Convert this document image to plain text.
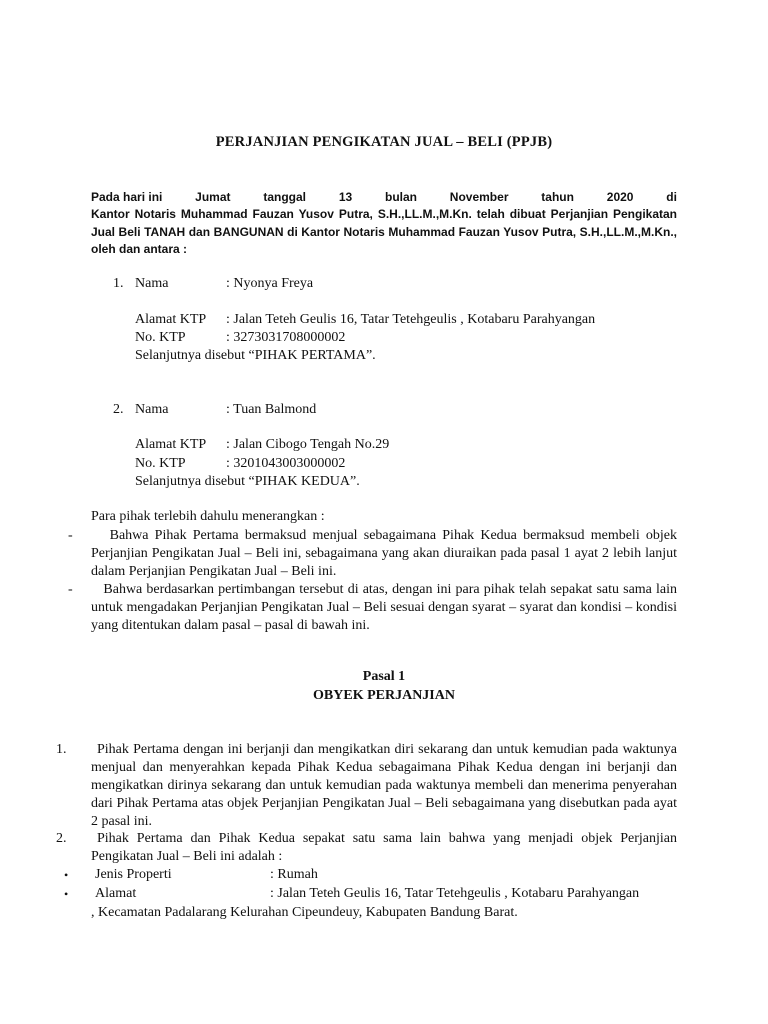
PERJANJIAN PENGIKATAN JUAL – BELI (PPJB)
Pada hari ini	Jumat	tanggal	13	bulan	November	tahun	2020	di
Kantor Notaris Muhammad Fauzan Yusov Putra, S.H.,LL.M.,M.Kn. telah dibuat Perjanjian Pengikatan Jual Beli TANAH dan BANGUNAN di Kantor Notaris Muhammad Fauzan Yusov Putra, S.H.,LL.M.,M.Kn., oleh dan antara :
1. Nama	: Nyonya Freya
Alamat KTP : Jalan Teteh Geulis 16, Tatar Tetehgeulis , Kotabaru Parahyangan
No. KTP	: 3273031708000002
Selanjutnya disebut “PIHAK PERTAMA”.
2. Nama	: Tuan Balmond
Alamat KTP : Jalan Cibogo Tengah No.29
No. KTP	: 3201043003000002
Selanjutnya disebut “PIHAK KEDUA”.
Para pihak terlebih dahulu menerangkan :
- Bahwa Pihak Pertama bermaksud menjual sebagaimana Pihak Kedua bermaksud membeli objek Perjanjian Pengikatan Jual – Beli ini, sebagaimana yang akan diuraikan pada pasal 1 ayat 2 lebih lanjut dalam Perjanjian Pengikatan Jual – Beli ini.
- Bahwa berdasarkan pertimbangan tersebut di atas, dengan ini para pihak telah sepakat satu sama lain untuk mengadakan Perjanjian Pengikatan Jual – Beli sesuai dengan syarat – syarat dan kondisi – kondisi yang ditentukan dalam pasal – pasal di bawah ini.
Pasal 1
OBYEK PERJANJIAN
1.	Pihak Pertama dengan ini berjanji dan mengikatkan diri sekarang dan untuk kemudian pada waktunya menjual dan menyerahkan kepada Pihak Kedua sebagaimana Pihak Kedua dengan ini berjanji dan mengikatkan dirinya sekarang dan untuk kemudian pada waktunya membeli dan menerima penyerahan dari Pihak Pertama atas objek Perjanjian Pengikatan Jual – Beli sebagaimana yang disebutkan pada ayat 2 pasal ini.
2.	Pihak Pertama dan Pihak Kedua sepakat satu sama lain bahwa yang menjadi objek Perjanjian Pengikatan Jual – Beli ini adalah :
• Jenis Properti	: Rumah
• Alamat	: Jalan Teteh Geulis 16, Tatar Tetehgeulis , Kotabaru Parahyangan
, Kecamatan Padalarang Kelurahan Cipeundeuy, Kabupaten Bandung Barat.
